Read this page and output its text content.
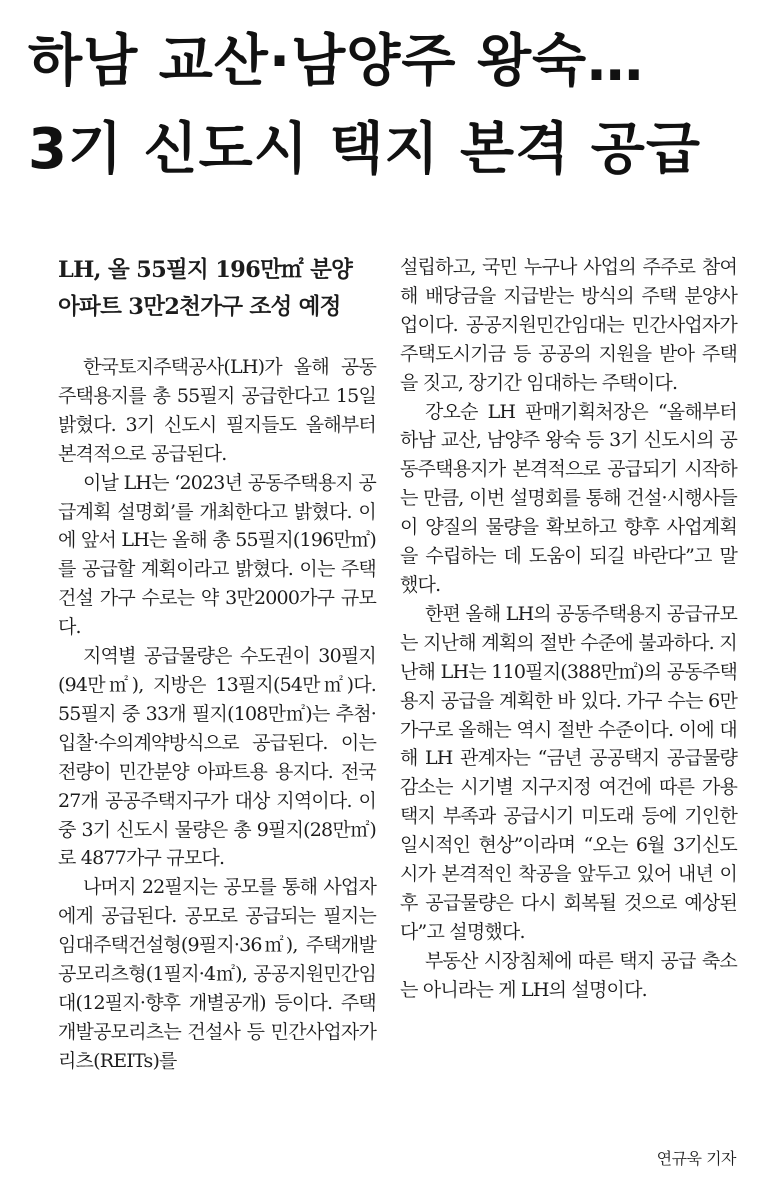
하남 교산·남양주 왕숙…
3기 신도시 택지 본격 공급
LH, 올 55필지 196만㎡ 분양
아파트 3만2천가구 조성 예정

한국토지주택공사(LH)가 올해 공동주택용지를 총 55필지 공급한다고 15일 밝혔다. 3기 신도시 필지들도 올해부터 본격적으로 공급된다.

이날 LH는 ‘2023년 공동주택용지 공급계획 설명회’를 개최한다고 밝혔다. 이에 앞서 LH는 올해 총 55필지(196만㎡)를 공급할 계획이라고 밝혔다. 이는 주택건설 가구 수로는 약 3만2000가구 규모다.

지역별 공급물량은 수도권이 30필지(94만㎡), 지방은 13필지(54만㎡)다. 55필지 중 33개 필지(108만㎡)는 추첨·입찰·수의계약방식으로 공급된다. 이는 전량이 민간분양 아파트용 용지다. 전국 27개 공공주택지구가 대상 지역이다. 이 중 3기 신도시 물량은 총 9필지(28만㎡)로 4877가구 규모다.

나머지 22필지는 공모를 통해 사업자에게 공급된다. 공모로 공급되는 필지는 임대주택건설형(9필지·36㎡), 주택개발공모리츠형(1필지·4㎡), 공공지원민간임대(12필지·향후 개별공개) 등이다. 주택개발공모리츠는 건설사 등 민간사업자가 리츠(REITs)를

설립하고, 국민 누구나 사업의 주주로 참여해 배당금을 지급받는 방식의 주택 분양사업이다. 공공지원민간임대는 민간사업자가 주택도시기금 등 공공의 지원을 받아 주택을 짓고, 장기간 임대하는 주택이다.

강오순 LH 판매기획처장은 “올해부터 하남 교산, 남양주 왕숙 등 3기 신도시의 공동주택용지가 본격적으로 공급되기 시작하는 만큼, 이번 설명회를 통해 건설·시행사들이 양질의 물량을 확보하고 향후 사업계획을 수립하는 데 도움이 되길 바란다”고 말했다.

한편 올해 LH의 공동주택용지 공급규모는 지난해 계획의 절반 수준에 불과하다. 지난해 LH는 110필지(388만㎡)의 공동주택용지 공급을 계획한 바 있다. 가구 수는 6만가구로 올해는 역시 절반 수준이다. 이에 대해 LH 관계자는 “금년 공공택지 공급물량 감소는 시기별 지구지정 여건에 따른 가용택지 부족과 공급시기 미도래 등에 기인한 일시적인 현상”이라며 “오는 6월 3기신도시가 본격적인 착공을 앞두고 있어 내년 이후 공급물량은 다시 회복될 것으로 예상된다”고 설명했다.

부동산 시장침체에 따른 택지 공급 축소는 아니라는 게 LH의 설명이다.

연규욱 기자
